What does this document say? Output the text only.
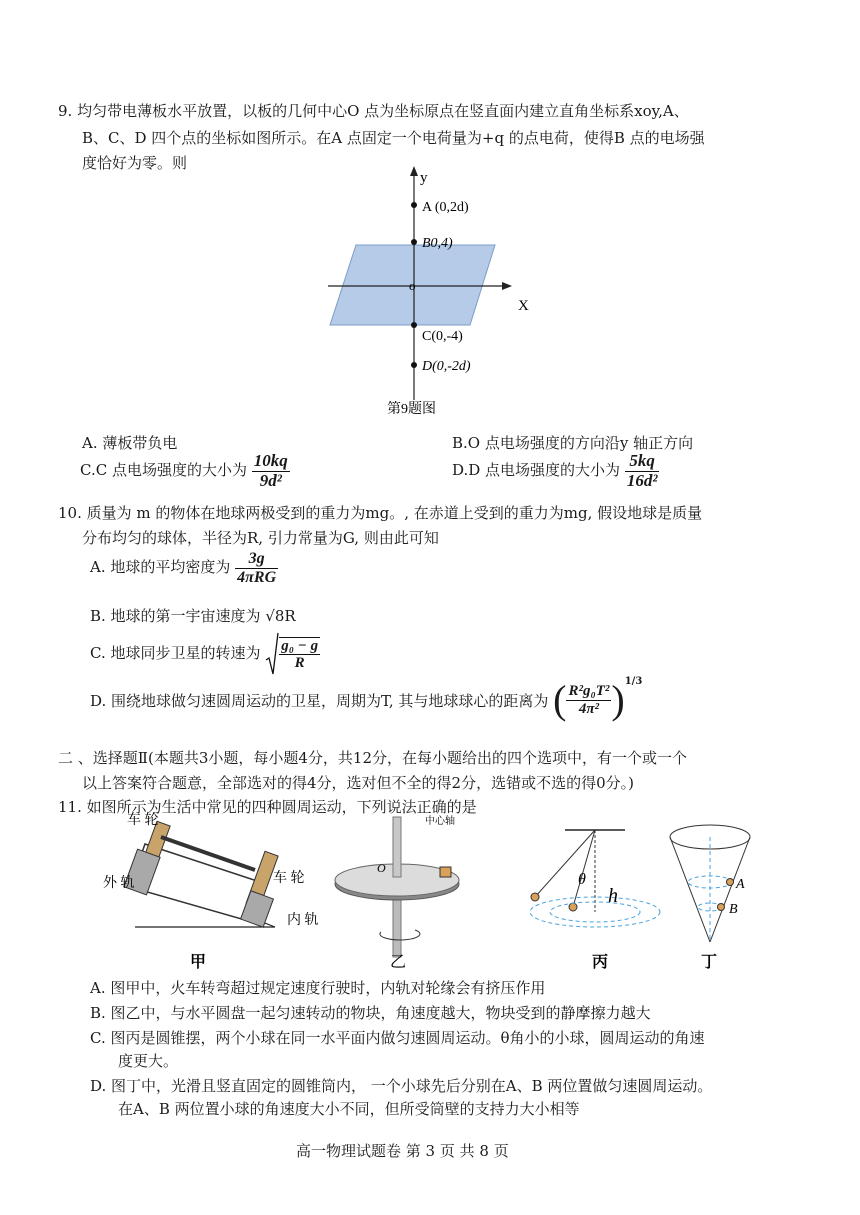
9. 均匀带电薄板水平放置，以板的几何中心O 点为坐标原点在竖直面内建立直角坐标系xoy,A、
B、C、D 四个点的坐标如图所示。在A 点固定一个电荷量为+q 的点电荷，使得B 点的电场强
度恰好为零。则
y
X
o
A (0,2d)
B0,4)
C(0,-4)
D(0,-2d)
第9题图
A. 薄板带负电	B.O 点电场强度的方向沿y 轴正方向
C.C 点电场强度的大小为 $\frac{10kq}{\text{9d²}}$	D.D 点电场强度的大小为 $\frac{5kq}{\text{16d²}}$
10. 质量为 m 的物体在地球两极受到的重力为mg。, 在赤道上受到的重力为mg, 假设地球是质量
分布均匀的球体，半径为R, 引力常量为G, 则由此可知
A. 地球的平均密度为 $\frac{3g}{\text{4πRG}}$
B. 地球的第一宇宙速度为 √8R
C. 地球同步卫星的转速为 $\frac{\text{g₀ − g}}{R}$
D. 围绕地球做匀速圆周运动的卫星，周期为T, 其与地球球心的距离为 ( $\frac{\text{R²g₀T²}}{\text{4π²}} )^{1/3}$
二 、选择题Ⅱ(本题共3小题，每小题4分，共12分，在每小题给出的四个选项中，有一个或一个
以上答案符合题意，全部选对的得4分，选对但不全的得2分，选错或不选的得0分。)
11. 如图所示为生活中常见的四种圆周运动，下列说法正确的是
车 轮
车 轮
外 轨
内 轨
甲
中心轴
O
乙
θ
h
丙
A
B
丁
A. 图甲中，火车转弯超过规定速度行驶时，内轨对轮缘会有挤压作用
B. 图乙中，与水平圆盘一起匀速转动的物块，角速度越大，物块受到的静摩擦力越大
C. 图丙是圆锥摆，两个小球在同一水平面内做匀速圆周运动。θ角小的小球，圆周运动的角速
度更大。
D. 图丁中，光滑且竖直固定的圆锥筒内， 一个小球先后分别在A、B 两位置做匀速圆周运动。
在A、B 两位置小球的角速度大小不同，但所受筒壁的支持力大小相等
高一物理试题卷 第 3 页 共 8 页
